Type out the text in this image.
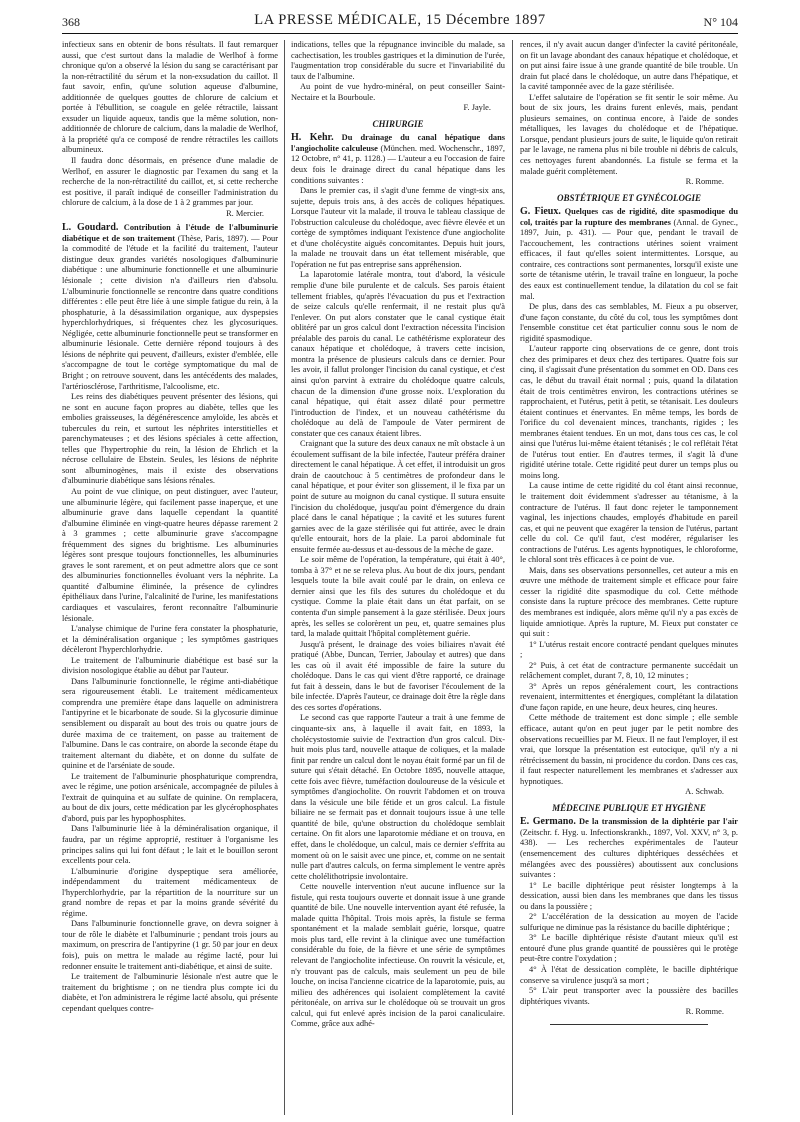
368	LA PRESSE MÉDICALE, 15 Décembre 1897	N° 104

infectieux sans en obtenir de bons résultats. Il faut remarquer aussi, que c'est surtout dans la maladie de Werlhof à forme chronique qu'on a observé la lésion du sang se caractérisant par la non-rétractilité du sérum et la non-exsudation du caillot. Il faut savoir, enfin, qu'une solution aqueuse d'albumine, additionnée de quelques gouttes de chlorure de calcium et portée à l'ébullition, se coagule en gelée rétractile, laissant exsuder un liquide aqueux, tandis que la même solution, non-additionnée de chlorure de calcium, dans la maladie de Werlhof, à la propriété qu'a ce composé de rendre rétractiles les caillots albumineux.

Il faudra donc désormais, en présence d'une maladie de Werlhof, en assurer le diagnostic par l'examen du sang et la recherche de la non-rétractilité du caillot, et, si cette recherche est positive, il paraît indiqué de conseiller l'administration du chlorure de calcium, à la dose de 1 à 2 grammes par jour.

R. Mercier.

L. Goudard. Contribution à l'étude de l'albuminurie diabétique et de son traitement (Thèse, Paris, 1897). — Pour la commodité de l'étude et la facilité du traitement, l'auteur distingue deux grandes variétés nosologiques d'albuminurie diabétique : une albuminurie fonctionnelle et une albuminurie lésionale ; cette division n'a d'ailleurs rien d'absolu. L'albuminurie fonctionnelle se rencontre dans quatre conditions différentes : elle peut être liée à une simple fatigue du rein, à la phosphaturie, à la désassimilation organique, aux dyspepsies hyperchlorhydriques, si fréquentes chez les glycosuriques. Négligée, cette albuminurie fonctionnelle peut se transformer en albuminurie lésionale. Cette dernière répond toujours à des lésions de néphrite qui peuvent, d'ailleurs, exister d'emblée, elle s'accompagne de tout le cortège symptomatique du mal de Bright ; on retrouve souvent, dans les antécédents des malades, l'artériosclérose, l'arthritisme, l'alcoolisme, etc.

Les reins des diabétiques peuvent présenter des lésions, qui ne sont en aucune façon propres au diabète, telles que les embolies graisseuses, la dégénérescence amyloïde, les abcès et tubercules du rein, et surtout les néphrites interstitielles et parenchymateuses ; et des lésions spéciales à cette affection, telles que l'hypertrophie du rein, la lésion de Ehrlich et la nécrose cellulaire de Ebstein. Seules, les lésions de néphrite sont albuminogènes, mais il existe des observations d'albuminurie diabétique sans lésions rénales.

Au point de vue clinique, on peut distinguer, avec l'auteur, une albuminurie légère, qui facilement passe inaperçue, et une albuminurie grave dans laquelle cependant la quantité d'albumine éliminée en vingt-quatre heures dépasse rarement 2 à 3 grammes ; cette albuminurie grave s'accompagne fréquemment des signes du brightisme. Les albuminuries légères sont presque toujours fonctionnelles, les albuminuries graves le sont rarement, et on peut admettre alors que ce sont des albuminuries fonctionnelles évoluant vers la néphrite. La quantité d'albumine éliminée, la présence de cylindres épithéliaux dans l'urine, l'alcalinité de l'urine, les manifestations cardiaques et vasculaires, feront reconnaître l'albuminurie lésionale.

L'analyse chimique de l'urine fera constater la phosphaturie, et la déminéralisation organique ; les symptômes gastriques décèleront l'hyperchlorhydrie.

Le traitement de l'albuminurie diabétique est basé sur la division nosologique établie au début par l'auteur.

Dans l'albuminurie fonctionnelle, le régime anti-diabétique sera rigoureusement établi. Le traitement médicamenteux comprendra une première étape dans laquelle on administrera l'antipyrine et le bicarbonate de soude. Si la glycosurie diminue sensiblement ou disparaît au bout des trois ou quatre jours de durée maxima de ce traitement, on passe au traitement de l'albumine. Dans le cas contraire, on aborde la seconde étape du traitement alternant du diabète, et on donne du sulfate de quinine et de l'arséniate de soude.

Le traitement de l'albuminurie phosphaturique comprendra, avec le régime, une potion arsénicale, accompagnée de pilules à l'extrait de quinquina et au sulfate de quinine. On remplacera, au bout de dix jours, cette médication par les glycérophosphates d'abord, puis par les hypophosphites.

Dans l'albuminurie liée à la déminéralisation organique, il faudra, par un régime approprié, restituer à l'organisme les principes salins qui lui font défaut ; le lait et le bouillon seront excellents pour cela.

L'albuminurie d'origine dyspeptique sera améliorée, indépendamment du traitement médicamenteux de l'hyperchlorhydrie, par la répartition de la nourriture sur un grand nombre de repas et par la moins grande sévérité du régime.

Dans l'albuminurie fonctionnelle grave, on devra soigner à tour de rôle le diabète et l'albuminurie ; pendant trois jours au maximum, on prescrira de l'antipyrine (1 gr. 50 par jour en deux fois), puis on mettra le malade au régime lacté, pour lui redonner ensuite le traitement anti-diabétique, et ainsi de suite.

Le traitement de l'albuminurie lésionale n'est autre que le traitement du brightisme ; on ne tiendra plus compte ici du diabète, et l'on administrera le régime lacté absolu, qui présente cependant quelques contre-

indications, telles que la répugnance invincible du malade, sa cachectisation, les troubles gastriques et la diminution de l'urée, l'augmentation trop considérable du sucre et l'invariabilité du taux de l'albumine.

Au point de vue hydro-minéral, on peut conseiller Saint-Nectaire et la Bourboule.

F. Jayle.

CHIRURGIE

H. Kehr. Du drainage du canal hépatique dans l'angiocholite calculeuse (München. med. Wochenschr., 1897, 12 Octobre, n° 41, p. 1128.) — L'auteur a eu l'occasion de faire deux fois le drainage direct du canal hépatique dans les conditions suivantes :

Dans le premier cas, il s'agit d'une femme de vingt-six ans, sujette, depuis trois ans, à des accès de coliques hépatiques. Lorsque l'auteur vit la malade, il trouva le tableau classique de l'obstruction calculeuse du cholédoque, avec fièvre élevée et un cortège de symptômes indiquant l'existence d'une angiocholite et d'une cholécystite aiguës concomitantes. Depuis huit jours, la malade ne trouvait dans un état tellement misérable, que l'opération ne fut pas entreprise sans appréhension.

La laparotomie latérale montra, tout d'abord, la vésicule remplie d'une bile purulente et de calculs. Ses parois étaient tellement friables, qu'après l'évacuation du pus et l'extraction de seize calculs qu'elle renfermait, il ne restait plus qu'à l'enlever. On put alors constater que le canal cystique était oblitéré par un gros calcul dont l'extraction nécessita l'incision préalable des parois du canal. Le cathétérisme explorateur des canaux hépatique et cholédoque, à travers cette incision, montra la présence de plusieurs calculs dans ce dernier. Pour les avoir, il fallut prolonger l'incision du canal cystique, et c'est ainsi qu'on parvint à extraire du cholédoque quatre calculs, chacun de la dimension d'une grosse noix. L'exploration du canal hépatique, qui était assez dilaté pour permettre l'introduction de l'index, et un nouveau cathétérisme du cholédoque au delà de l'ampoule de Vater permirent de constater que ces canaux étaient libres.

Craignant que la suture des deux canaux ne mît obstacle à un écoulement suffisant de la bile infectée, l'auteur préféra drainer directement le canal hépatique. À cet effet, il introduisit un gros drain de caoutchouc à 5 centimètres de profondeur dans le canal hépatique, et pour éviter son glissement, il le fixa par un point de suture au moignon du canal cystique. Il sutura ensuite l'incision du cholédoque, jusqu'au point d'émergence du drain placé dans le canal hépatique ; la cavité et les sutures furent garnies avec de la gaze stérilisée qui fut attirée, avec le drain qu'elle entourait, hors de la plaie. La paroi abdominale fut ensuite fermée au-dessus et au-dessous de la mèche de gaze.

Le soir même de l'opération, la température, qui était à 40°, tomba à 37° et ne se releva plus. Au bout de dix jours, pendant lesquels toute la bile avait coulé par le drain, on enleva ce dernier ainsi que les fils des sutures du cholédoque et du cystique. Comme la plaie était dans un état parfait, on se contenta d'un simple pansement à la gaze stérilisée. Deux jours après, les selles se colorèrent un peu, et, quatre semaines plus tard, la malade quittait l'hôpital complètement guérie.

Jusqu'à présent, le drainage des voies biliaires n'avait été pratiqué (Abbe, Duncan, Terrier, Jaboulay et autres) que dans les cas où il avait été impossible de faire la suture du cholédoque. Dans le cas qui vient d'être rapporté, ce drainage fut fait à dessein, dans le but de favoriser l'écoulement de la bile infectée. D'après l'auteur, ce drainage doit être la règle dans des ces sortes d'opérations.

Le second cas que rapporte l'auteur a trait à une femme de cinquante-six ans, à laquelle il avait fait, en 1893, la cholécystostomie suivie de l'extraction d'un gros calcul. Dix-huit mois plus tard, nouvelle attaque de coliques, et la malade finit par rendre un calcul dont le noyau était formé par un fil de suture qui s'était détaché. En Octobre 1895, nouvelle attaque, cette fois avec fièvre, tuméfaction douloureuse de la vésicule et symptômes d'angiocholite. On rouvrit l'abdomen et on trouva dans la vésicule une bile fétide et un gros calcul. La fistule biliaire ne se fermait pas et donnait toujours issue à une telle quantité de bile, qu'une obstruction du cholédoque semblait certaine. On fit alors une laparotomie médiane et on trouva, en effet, dans le cholédoque, un calcul, mais ce dernier s'effrita au moment où on le saisit avec une pince, et, comme on ne sentait nulle part d'autres calculs, on ferma simplement le ventre après cette cholélithotripsie involontaire.

Cette nouvelle intervention n'eut aucune influence sur la fistule, qui resta toujours ouverte et donnait issue à une grande quantité de bile. Une nouvelle intervention ayant été refusée, la malade quitta l'hôpital. Trois mois après, la fistule se ferma spontanément et la malade semblait guérie, lorsque, quatre mois plus tard, elle revint à la clinique avec une tuméfaction considérable du foie, de la fièvre et une série de symptômes relevant de l'angiocholite infectieuse. On rouvrit la vésicule, et, n'y trouvant pas de calculs, mais seulement un peu de bile louche, on incisa l'ancienne cicatrice de la laparotomie, puis, au milieu des adhérences qui isolaient complètement la cavité péritonéale, on arriva sur le cholédoque où se trouvait un gros calcul, qui fut enlevé après incision de la paroi canaliculaire. Comme, grâce aux adhé-

rences, il n'y avait aucun danger d'infecter la cavité péritonéale, on fit un lavage abondant des canaux hépatique et cholédoque, et on put ainsi faire issue à une grande quantité de bile trouble. Un drain fut placé dans le cholédoque, un autre dans l'hépatique, et la cavité tamponnée avec de la gaze stérilisée.

L'effet salutaire de l'opération se fit sentir le soir même. Au bout de six jours, les drains furent enlevés, mais, pendant plusieurs semaines, on continua encore, à l'aide de sondes métalliques, les lavages du cholédoque et de l'hépatique. Lorsque, pendant plusieurs jours de suite, le liquide qu'on retirait par le lavage, ne ramena plus ni bile trouble ni débris de calculs, ces nettoyages furent abandonnés. La fistule se ferma et la malade guérit complètement.

R. Romme.

OBSTÉTRIQUE ET GYNÉCOLOGIE

G. Fieux. Quelques cas de rigidité, dite spasmodique du col, traités par la rupture des membranes (Annal. de Gynec., 1897, Juin, p. 431). — Pour que, pendant le travail de l'accouchement, les contractions utérines soient vraiment efficaces, il faut qu'elles soient intermittentes. Lorsque, au contraire, ces contractions sont permanentes, lorsqu'il existe une sorte de tétanisme utérin, le travail traîne en longueur, la poche des eaux est continuellement tendue, la dilatation du col se fait mal.

De plus, dans des cas semblables, M. Fieux a pu observer, d'une façon constante, du côté du col, tous les symptômes dont l'ensemble constitue cet état particulier connu sous le nom de rigidité spasmodique.

L'auteur rapporte cinq observations de ce genre, dont trois chez des primipares et deux chez des tertipares. Quatre fois sur cinq, il s'agissait d'une présentation du sommet en OD. Dans ces cas, le début du travail était normal ; puis, quand la dilatation était de trois centimètres environ, les contractions utérines se rapprochaient, et l'utérus, petit à petit, se tétanisait. Les douleurs étaient continues et énervantes. En même temps, les bords de l'orifice du col devenaient minces, tranchants, rigides ; les membranes étaient tendues. En un mot, dans tous ces cas, le col ainsi que l'utérus lui-même étaient tétanisés ; le col reflétait l'état de l'utérus tout entier. En d'autres termes, il s'agit là d'une rigidité utérine totale. Cette rigidité peut durer un temps plus ou moins long.

La cause intime de cette rigidité du col étant ainsi reconnue, le traitement doit évidemment s'adresser au tétanisme, à la contracture de l'utérus. Il faut donc rejeter le tamponnement vaginal, les injections chaudes, employés d'habitude en pareil cas, et qui ne peuvent que exagérer la tension de l'utérus, partant celle du col. Ce qu'il faut, c'est modérer, régulariser les contractions de l'utérus. Les agents hypnotiques, le chloroforme, le chloral sont très efficaces à ce point de vue.

Mais, dans ses observations personnelles, cet auteur a mis en œuvre une méthode de traitement simple et efficace pour faire cesser la rigidité dite spasmodique du col. Cette méthode consiste dans la rupture précoce des membranes. Cette rupture des membranes est indiquée, alors même qu'il n'y a pas excès de liquide amniotique. Après la rupture, M. Fieux put constater ce qui suit :

1° L'utérus restait encore contracté pendant quelques minutes ;

2° Puis, à cet état de contracture permanente succédait un relâchement complet, durant 7, 8, 10, 12 minutes ;

3° Après un repos généralement court, les contractions revenaient, intermittentes et énergiques, complétant la dilatation d'une façon rapide, en une heure, deux heures, cinq heures.

Cette méthode de traitement est donc simple ; elle semble efficace, autant qu'on en peut juger par le petit nombre des observations recueillies par M. Fieux. Il ne faut l'employer, il est vrai, que lorsque la présentation est eutocique, qu'il n'y a ni rétrécissement du bassin, ni procidence du cordon. Dans ces cas, il faut respecter naturellement les membranes et s'adresser aux hypnotiques.

A. Schwab.

MÉDECINE PUBLIQUE ET HYGIÈNE

E. Germano. De la transmission de la diphtérie par l'air (Zeitschr. f. Hyg. u. Infectionskrankh., 1897, Vol. XXV, n° 3, p. 438). — Les recherches expérimentales de l'auteur (ensemencement des cultures diphtériques desséchées et mélangées avec des poussières) aboutissent aux conclusions suivantes :

1° Le bacille diphtérique peut résister longtemps à la dessication, aussi bien dans les membranes que dans les tissus ou dans la poussière ;

2° L'accélération de la dessication au moyen de l'acide sulfurique ne diminue pas la résistance du bacille diphtérique ;

3° Le bacille diphtérique résiste d'autant mieux qu'il est entouré d'une plus grande quantité de poussières qui le protège peut-être contre l'oxydation ;

4° À l'état de dessication complète, le bacille diphtérique conserve sa virulence jusqu'à sa mort ;

5° L'air peut transporter avec la poussière des bacilles diphtériques vivants.

R. Romme.
